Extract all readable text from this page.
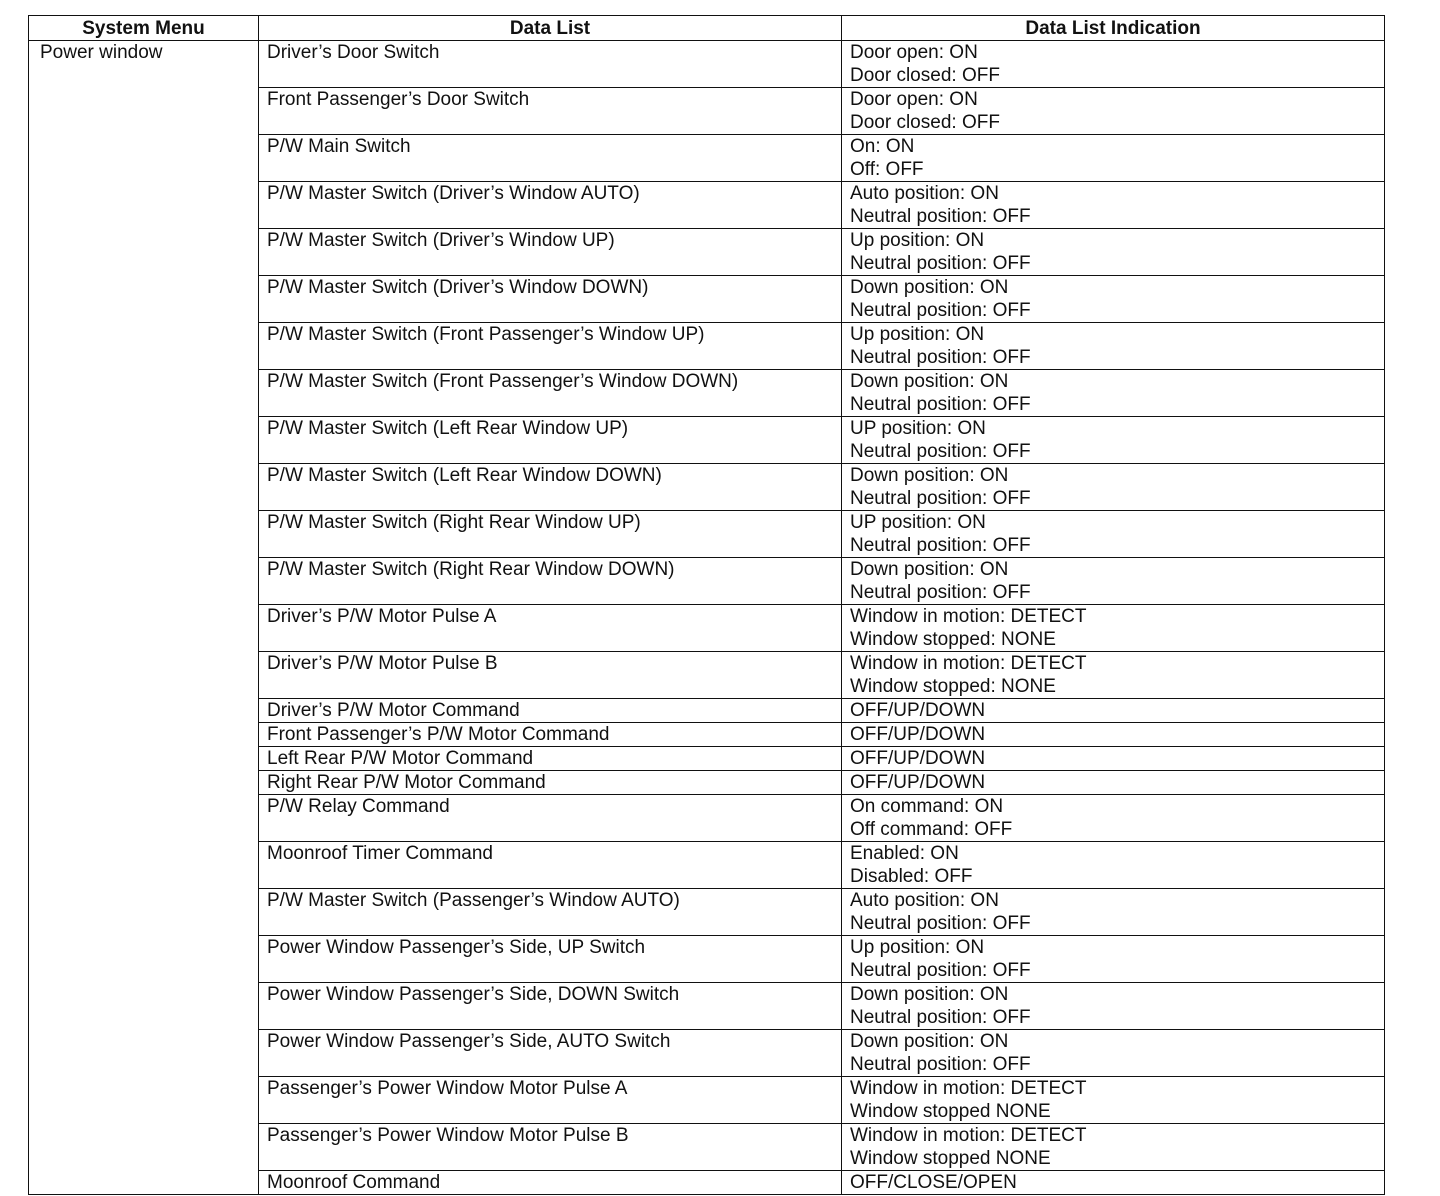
System Menu	Data List	Data List Indication
Power window	Driver’s Door Switch	Door open: ON
Door closed: OFF

	Front Passenger’s Door Switch	Door open: ON
Door closed: OFF

	P/W Main Switch	On: ON
Off: OFF

	P/W Master Switch (Driver’s Window AUTO)	Auto position: ON
Neutral position: OFF

	P/W Master Switch (Driver’s Window UP)	Up position: ON
Neutral position: OFF

	P/W Master Switch (Driver’s Window DOWN)	Down position: ON
Neutral position: OFF

	P/W Master Switch (Front Passenger’s Window UP)	Up position: ON
Neutral position: OFF

	P/W Master Switch (Front Passenger’s Window DOWN)	Down position: ON
Neutral position: OFF

	P/W Master Switch (Left Rear Window UP)	UP position: ON
Neutral position: OFF

	P/W Master Switch (Left Rear Window DOWN)	Down position: ON
Neutral position: OFF

	P/W Master Switch (Right Rear Window UP)	UP position: ON
Neutral position: OFF

	P/W Master Switch (Right Rear Window DOWN)	Down position: ON
Neutral position: OFF

	Driver’s P/W Motor Pulse A	Window in motion: DETECT
Window stopped: NONE

	Driver’s P/W Motor Pulse B	Window in motion: DETECT
Window stopped: NONE

	Driver’s P/W Motor Command	OFF/UP/DOWN

	Front Passenger’s P/W Motor Command	OFF/UP/DOWN

	Left Rear P/W Motor Command	OFF/UP/DOWN

	Right Rear P/W Motor Command	OFF/UP/DOWN

	P/W Relay Command	On command: ON
Off command: OFF

	Moonroof Timer Command	Enabled: ON
Disabled: OFF

	P/W Master Switch (Passenger’s Window AUTO)	Auto position: ON
Neutral position: OFF

	Power Window Passenger’s Side, UP Switch	Up position: ON
Neutral position: OFF

	Power Window Passenger’s Side, DOWN Switch	Down position: ON
Neutral position: OFF

	Power Window Passenger’s Side, AUTO Switch	Down position: ON
Neutral position: OFF

	Passenger’s Power Window Motor Pulse A	Window in motion: DETECT
Window stopped NONE

	Passenger’s Power Window Motor Pulse B	Window in motion: DETECT
Window stopped NONE

	Moonroof Command	OFF/CLOSE/OPEN
